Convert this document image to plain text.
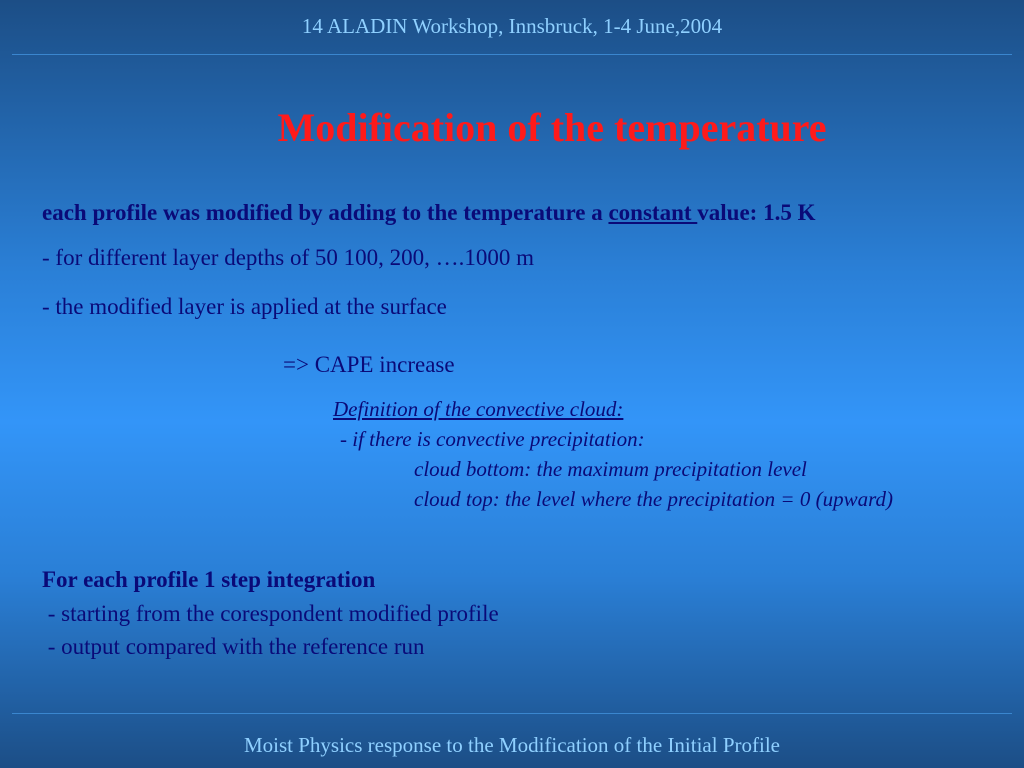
14 ALADIN Workshop, Innsbruck, 1-4 June,2004
Modification of the temperature
each profile was modified by adding to the temperature a constant value: 1.5 K
- for different layer depths of 50 100, 200, ….1000 m
- the modified layer is applied at the surface
=> CAPE increase
Definition of the convective cloud:
- if there is convective precipitation:
cloud bottom: the maximum precipitation level
cloud top: the level where the precipitation = 0 (upward)
For each profile 1 step integration
- starting from the corespondent modified profile
- output compared with the reference run
Moist Physics response to the Modification of the Initial Profile
